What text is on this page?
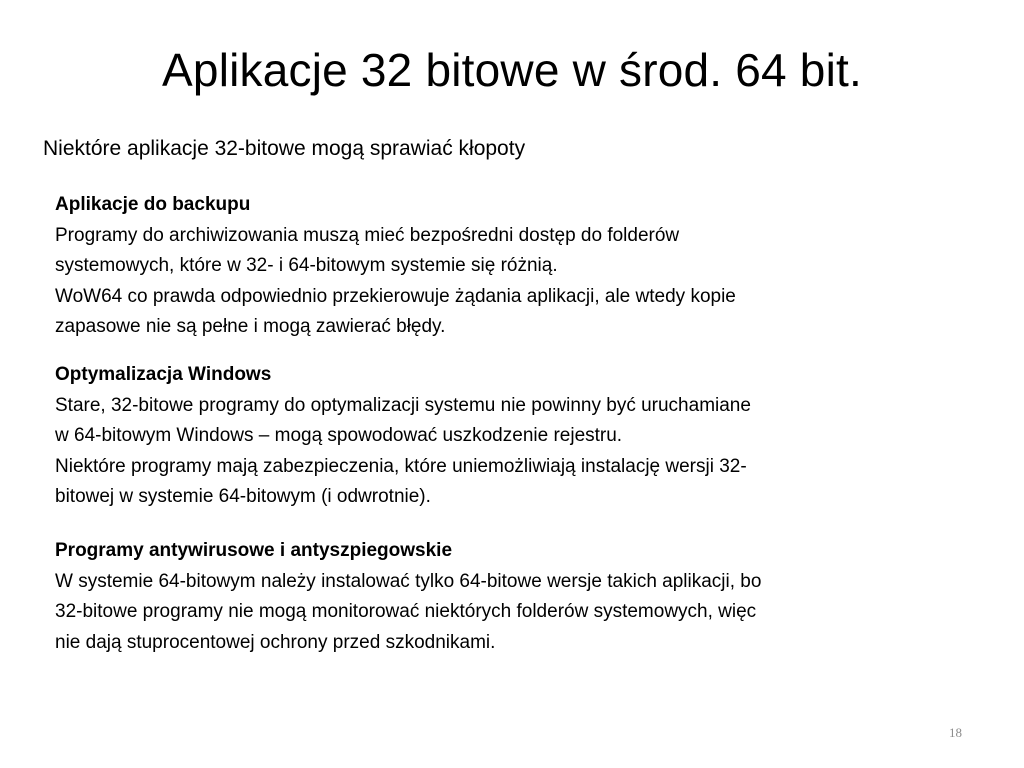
Aplikacje 32 bitowe w środ. 64 bit.
Niektóre aplikacje 32-bitowe mogą sprawiać kłopoty
Aplikacje do backupu
Programy do archiwizowania muszą mieć bezpośredni dostęp do folderów
systemowych, które w 32- i 64-bitowym systemie się różnią.
WoW64 co prawda odpowiednio przekierowuje żądania aplikacji, ale wtedy kopie
zapasowe nie są pełne i mogą zawierać błędy.
Optymalizacja Windows
Stare, 32-bitowe programy do optymalizacji systemu nie powinny być uruchamiane
w 64-bitowym Windows – mogą spowodować uszkodzenie rejestru.
Niektóre programy mają zabezpieczenia, które uniemożliwiają instalację wersji 32-
bitowej w systemie 64-bitowym (i odwrotnie).
Programy antywirusowe i antyszpiegowskie
W systemie 64-bitowym należy instalować tylko 64-bitowe wersje takich aplikacji, bo
32-bitowe programy nie mogą monitorować niektórych folderów systemowych, więc
nie dają stuprocentowej ochrony przed szkodnikami.
18
